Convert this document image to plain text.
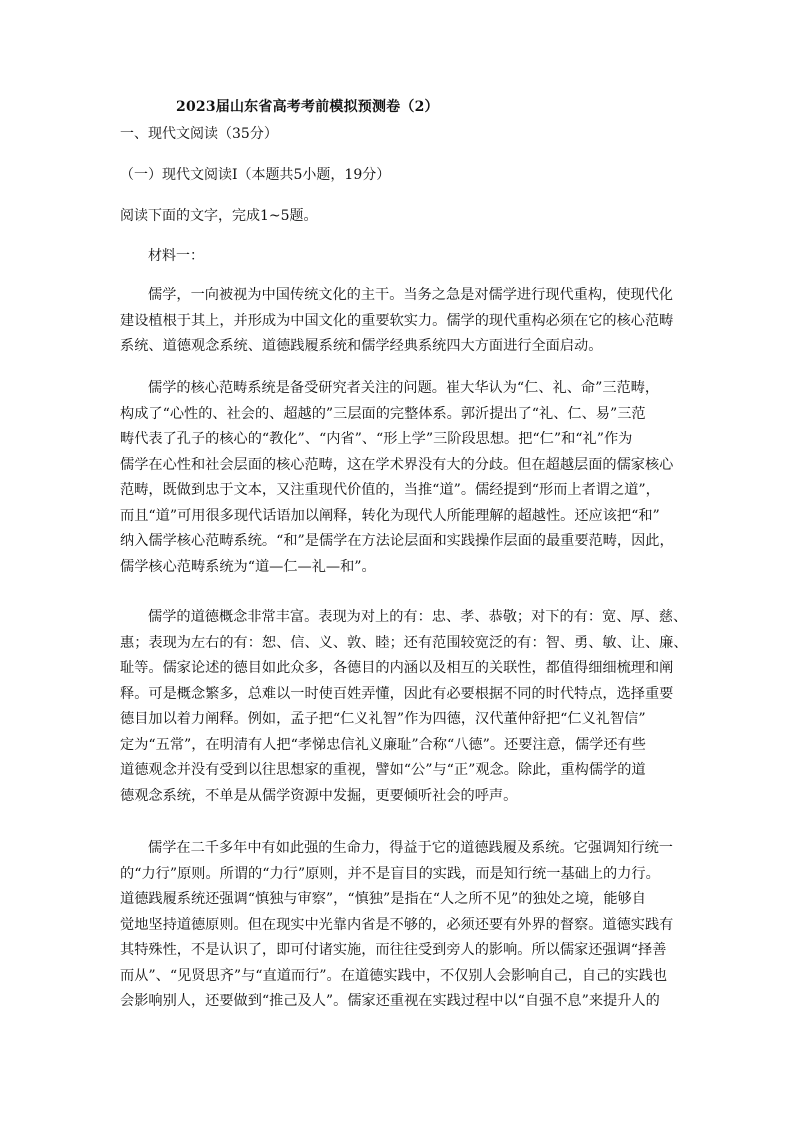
2023届山东省高考考前模拟预测卷（2）
一、现代文阅读（35分）
（一）现代文阅读Ⅰ（本题共5小题，19分）
阅读下面的文字，完成1~5题。
材料一：
儒学，一向被视为中国传统文化的主干。当务之急是对儒学进行现代重构，使现代化
建设植根于其上，并形成为中国文化的重要软实力。儒学的现代重构必须在它的核心范畴
系统、道德观念系统、道德践履系统和儒学经典系统四大方面进行全面启动。
儒学的核心范畴系统是备受研究者关注的问题。崔大华认为“仁、礼、命”三范畴，
构成了“心性的、社会的、超越的”三层面的完整体系。郭沂提出了“礼、仁、易”三范
畴代表了孔子的核心的“教化”、“内省”、“形上学”三阶段思想。把“仁”和“礼”作为
儒学在心性和社会层面的核心范畴，这在学术界没有大的分歧。但在超越层面的儒家核心
范畴，既做到忠于文本，又注重现代价值的，当推“道”。儒经提到“形而上者谓之道”，
而且“道”可用很多现代话语加以阐释，转化为现代人所能理解的超越性。还应该把“和”
纳入儒学核心范畴系统。“和”是儒学在方法论层面和实践操作层面的最重要范畴，因此，
儒学核心范畴系统为“道—仁—礼—和”。
儒学的道德概念非常丰富。表现为对上的有：忠、孝、恭敬；对下的有：宽、厚、慈、
惠；表现为左右的有：恕、信、义、敦、睦；还有范围较宽泛的有：智、勇、敏、让、廉、
耻等。儒家论述的德目如此众多，各德目的内涵以及相互的关联性，都值得细细梳理和阐
释。可是概念繁多，总难以一时使百姓弄懂，因此有必要根据不同的时代特点，选择重要
德目加以着力阐释。例如，孟子把“仁义礼智”作为四德，汉代董仲舒把“仁义礼智信”
定为“五常”，在明清有人把“孝悌忠信礼义廉耻”合称“八德”。还要注意，儒学还有些
道德观念并没有受到以往思想家的重视，譬如“公”与“正”观念。除此，重构儒学的道
德观念系统，不单是从儒学资源中发掘，更要倾听社会的呼声。
儒学在二千多年中有如此强的生命力，得益于它的道德践履及系统。它强调知行统一
的“力行”原则。所谓的“力行”原则，并不是盲目的实践，而是知行统一基础上的力行。
道德践履系统还强调“慎独与审察”，“慎独”是指在“人之所不见”的独处之境，能够自
觉地坚持道德原则。但在现实中光靠内省是不够的，必须还要有外界的督察。道德实践有
其特殊性，不是认识了，即可付诸实施，而往往受到旁人的影响。所以儒家还强调“择善
而从”、“见贤思齐”与“直道而行”。在道德实践中，不仅别人会影响自己，自己的实践也
会影响别人，还要做到“推己及人”。儒家还重视在实践过程中以“自强不息”来提升人的
